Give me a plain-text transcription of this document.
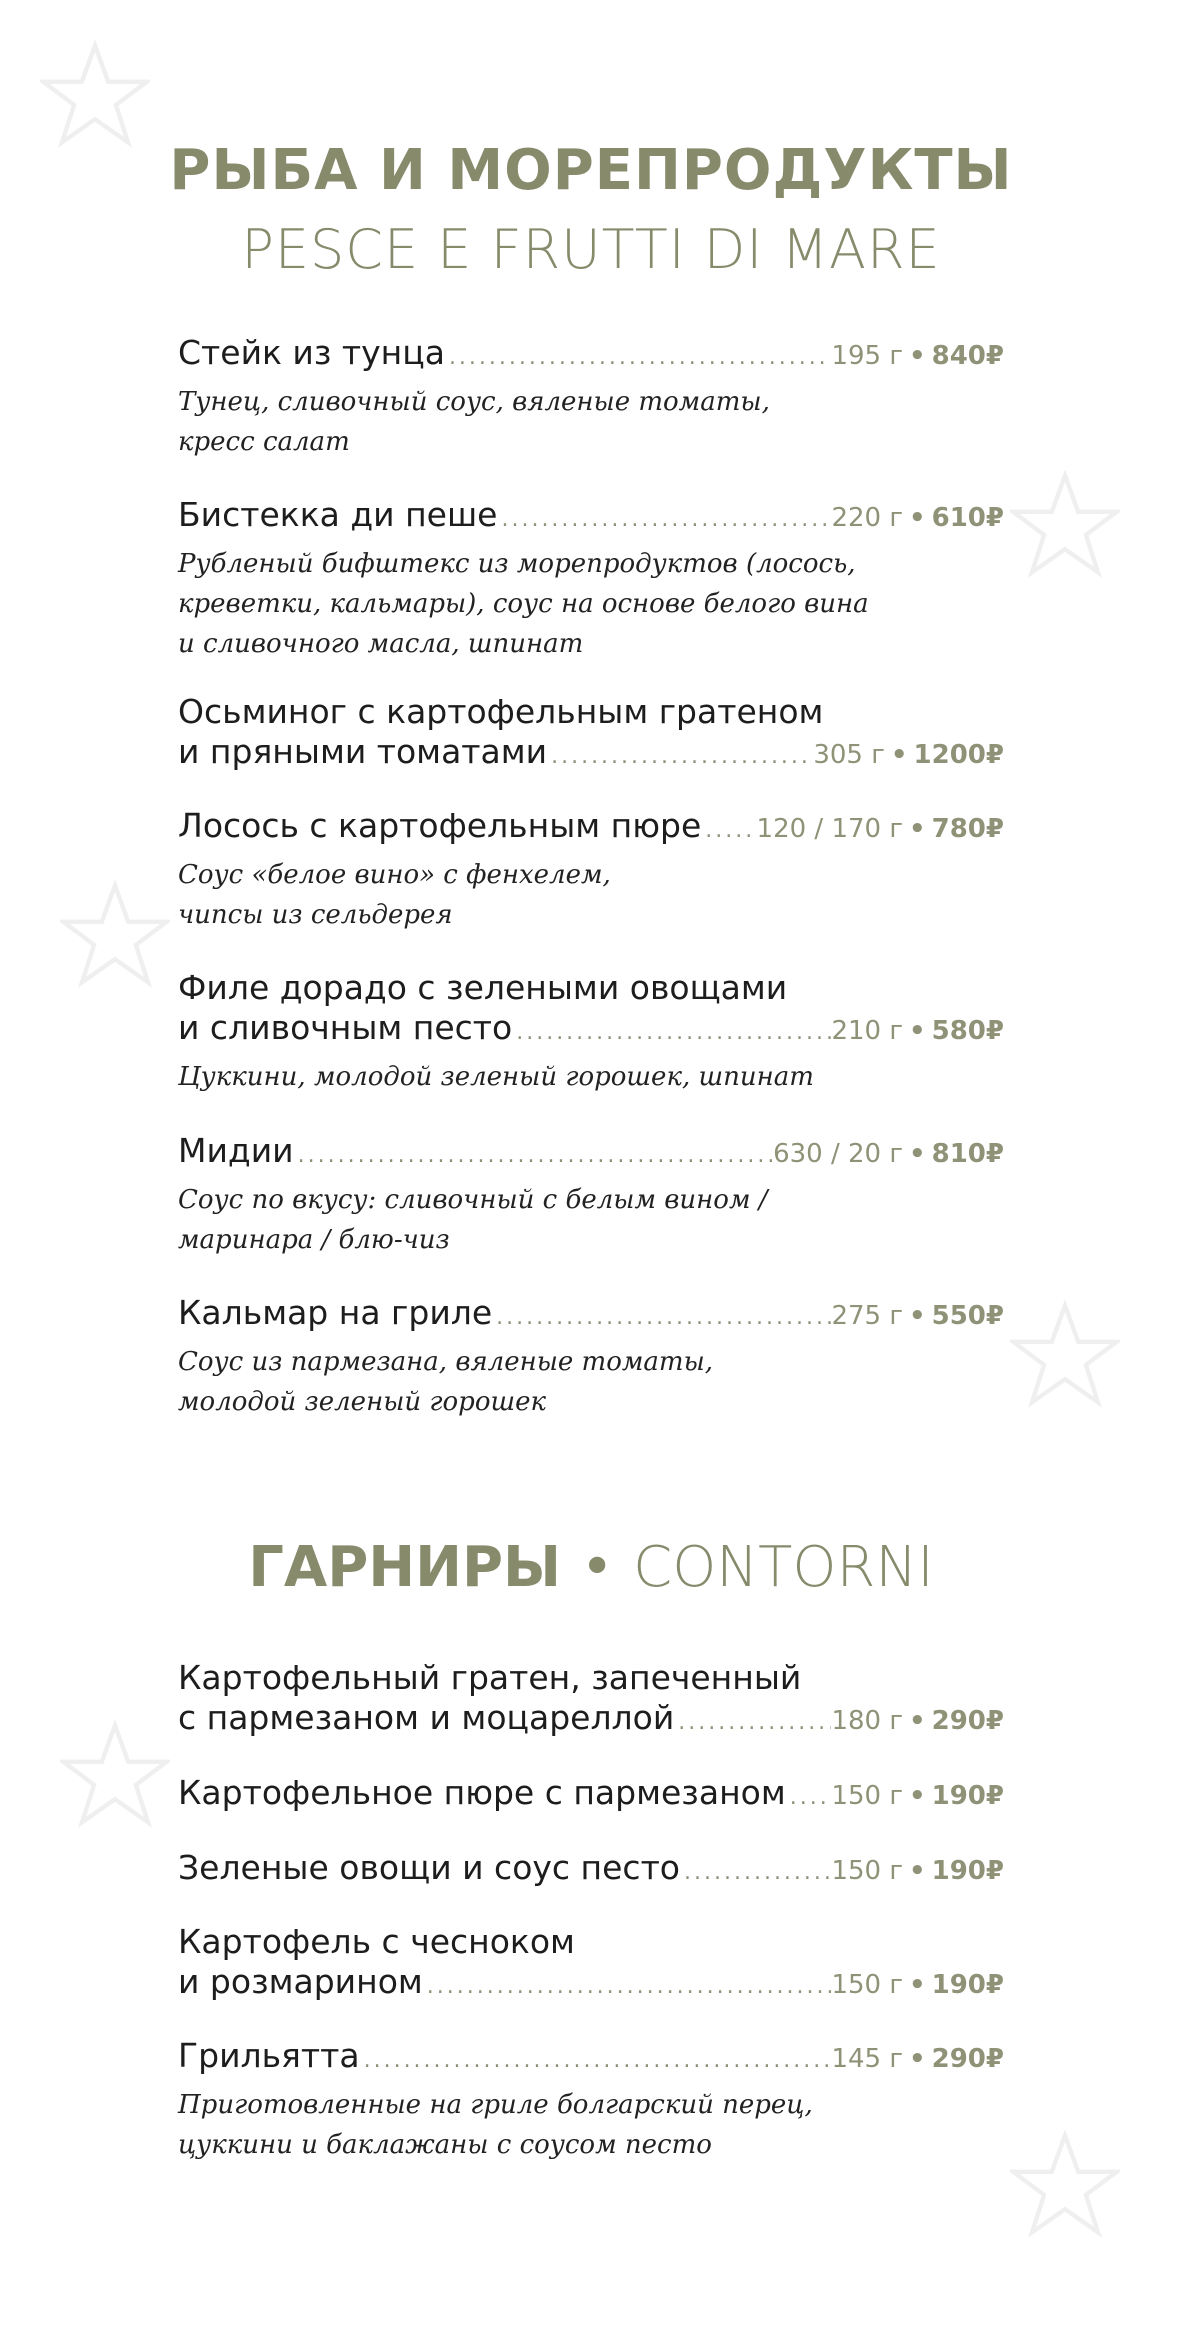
РЫБА И МОРЕПРОДУКТЫ
PESCE E FRUTTI DI MARE
Стейк из тунца .....	195 г • 840₽
Тунец, сливочный соус, вяленые томаты,
кресс салат
Бистекка ди пеше .....	220 г • 610₽
Рубленый бифштекс из морепродуктов (лосось,
креветки, кальмары), соус на основе белого вина
и сливочного масла, шпинат
Осьминог с картофельным гратеном
и пряными томатами .....	305 г • 1200₽
Лосось с картофельным пюре ..... 120 / 170 г • 780₽
Соус «белое вино» с фенхелем,
чипсы из сельдерея
Филе дорадо с зелеными овощами
и сливочным песто .....	210 г • 580₽
Цуккини, молодой зеленый горошек, шпинат
Мидии .....	630 / 20 г • 810₽
Соус по вкусу: сливочный с белым вином /
маринара / блю-чиз
Кальмар на гриле .....	275 г • 550₽
Соус из пармезана, вяленые томаты,
молодой зеленый горошек
ГАРНИРЫ • CONTORNI
Картофельный гратен, запеченный
с пармезаном и моцареллой .....	180 г • 290₽
Картофельное пюре с пармезаном ..... 150 г • 190₽
Зеленые овощи и соус песто .....	150 г • 190₽
Картофель с чесноком
и розмарином .....	150 г • 190₽
Грильятта .....	145 г • 290₽
Приготовленные на гриле болгарский перец,
цуккини и баклажаны с соусом песто
